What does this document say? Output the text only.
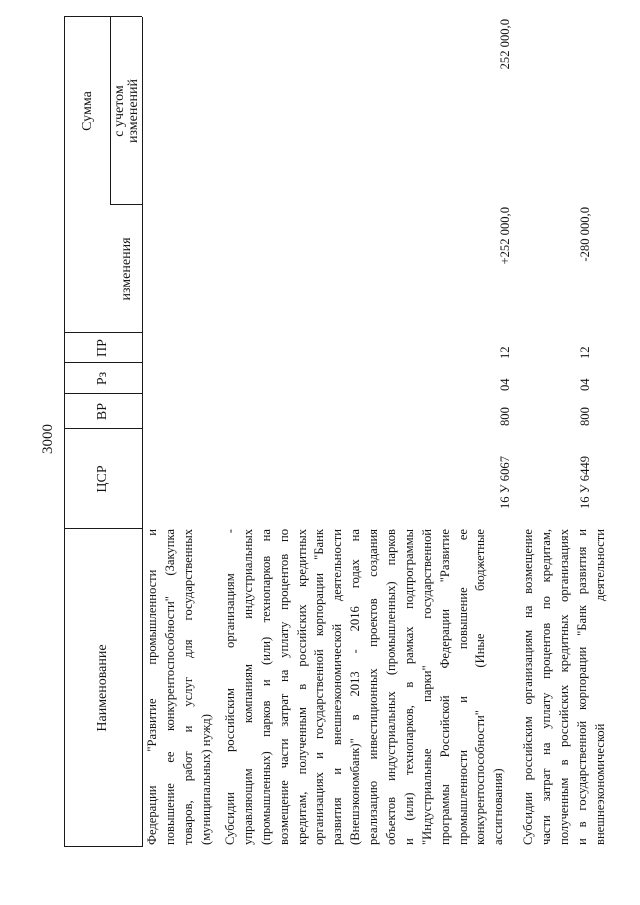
3000
Наименование
ЦСР
ВР
Рз
ПР
Сумма
изменения
с учетом изменений
Федерации "Развитие промышленности и повышение ее конкурентоспособности" (Закупка товаров, работ и услуг для государственных (муниципальных) нужд) Субсидии российским организациям - управляющим компаниям индустриальных (промышленных) парков и (или) технопарков на возмещение части затрат на уплату процентов по кредитам, полученным в российских кредитных организациях и государственной корпорации "Банк развития и внешнеэкономической деятельности (Внешэкономбанк)" в 2013 - 2016 годах на реализацию инвестиционных проектов создания объектов индустриальных (промышленных) парков и (или) технопарков, в рамках подпрограммы "Индустриальные парки" государственной программы Российской Федерации "Развитие промышленности и повышение ее конкурентоспособности" (Иные бюджетные ассигнования)
16 У 6067
800
04
12
+252 000,0
252 000,0
Субсидии российским организациям на возмещение части затрат на уплату процентов по кредитам, полученным в российских кредитных организациях и в государственной корпорации "Банк развития и внешнеэкономической деятельности
16 У 6449
800
04
12
-280 000,0
